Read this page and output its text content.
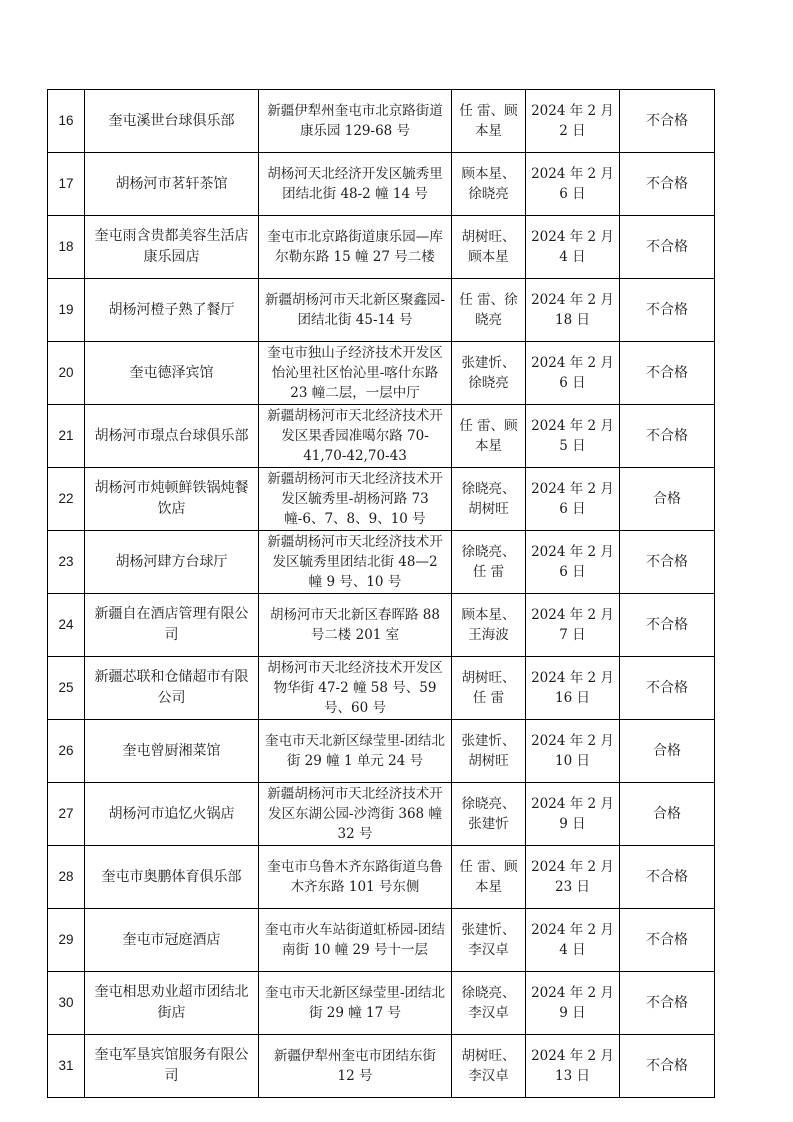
16	奎屯溪世台球俱乐部	新疆伊犁州奎屯市北京路街道康乐园 129-68 号	任 雷、顾本星	2024 年 2 月 2 日	不合格
17	胡杨河市茗轩茶馆	胡杨河天北经济开发区毓秀里团结北街 48-2 幢 14 号	顾本星、徐晓亮	2024 年 2 月 6 日	不合格
18	奎屯雨含贵都美容生活店康乐园店	奎屯市北京路街道康乐园—库尔勒东路 15 幢 27 号二楼	胡树旺、顾本星	2024 年 2 月 4 日	不合格
19	胡杨河橙子熟了餐厅	新疆胡杨河市天北新区聚鑫园-团结北街 45-14 号	任 雷、徐晓亮	2024 年 2 月 18 日	不合格
20	奎屯德泽宾馆	奎屯市独山子经济技术开发区怡沁里社区怡沁里-喀什东路 23 幢二层，一层中厅	张建忻、徐晓亮	2024 年 2 月 6 日	不合格
21	胡杨河市璟点台球俱乐部	新疆胡杨河市天北经济技术开发区果香园准噶尔路 70-41,70-42,70-43	任 雷、顾本星	2024 年 2 月 5 日	不合格
22	胡杨河市炖顿鲜铁锅炖餐饮店	新疆胡杨河市天北经济技术开发区毓秀里-胡杨河路 73 幢-6、7、8、9、10 号	徐晓亮、胡树旺	2024 年 2 月 6 日	合格
23	胡杨河肆方台球厅	新疆胡杨河市天北经济技术开发区毓秀里团结北街 48—2 幢 9 号、10 号	徐晓亮、任 雷	2024 年 2 月 6 日	不合格
24	新疆自在酒店管理有限公司	胡杨河市天北新区春晖路 88 号二楼 201 室	顾本星、王海波	2024 年 2 月 7 日	不合格
25	新疆芯联和仓储超市有限公司	胡杨河市天北经济技术开发区物华街 47-2 幢 58 号、59 号、60 号	胡树旺、任 雷	2024 年 2 月 16 日	不合格
26	奎屯曾厨湘菜馆	奎屯市天北新区绿莹里-团结北街 29 幢 1 单元 24 号	张建忻、胡树旺	2024 年 2 月 10 日	合格
27	胡杨河市追忆火锅店	新疆胡杨河市天北经济技术开发区东湖公园-沙湾街 368 幢 32 号	徐晓亮、张建忻	2024 年 2 月 9 日	合格
28	奎屯市奥鹏体育俱乐部	奎屯市乌鲁木齐东路街道乌鲁木齐东路 101 号东侧	任 雷、顾本星	2024 年 2 月 23 日	不合格
29	奎屯市冠庭酒店	奎屯市火车站街道虹桥园-团结南街 10 幢 29 号十一层	张建忻、李汉卓	2024 年 2 月 4 日	不合格
30	奎屯相思劝业超市团结北街店	奎屯市天北新区绿莹里-团结北街 29 幢 17 号	徐晓亮、李汉卓	2024 年 2 月 9 日	不合格
31	奎屯军垦宾馆服务有限公司	新疆伊犁州奎屯市团结东街 12 号	胡树旺、李汉卓	2024 年 2 月 13 日	不合格
